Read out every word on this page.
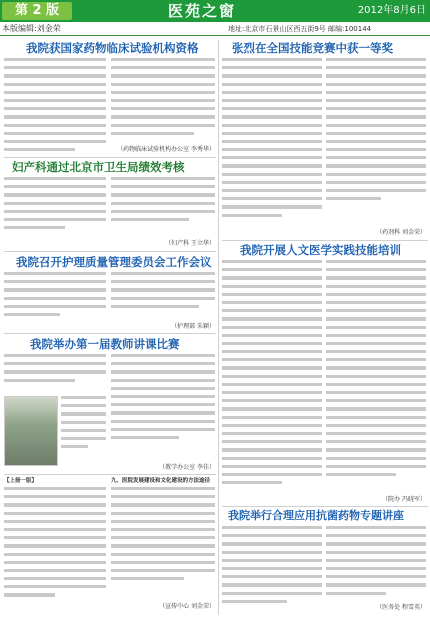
第 2 版	医苑之窗	2012年8月6日
本版编辑:刘金荣	地址:北京市石景山区西五街9号 邮编:100144
我院获国家药物临床试验机构资格
（药物临床试验机构办公室 李秀华）
妇产科通过北京市卫生局绩效考核
（妇产科 王立华）
我院召开护理质量管理委员会工作会议
（护理部 朱颖）
我院举办第一届教师讲课比赛
（教学办公室 李佳）
【上接一版】	九、医院发展建设和文化建设的方法途径
（宣传中心 刘金荣）
张烈在全国技能竞赛中获一等奖
（药剂科 刘金荣）
我院开展人文医学实践技能培训
（院办 冯晓军）
我院举行合理应用抗菌药物专题讲座
（医务处 程雪英）
